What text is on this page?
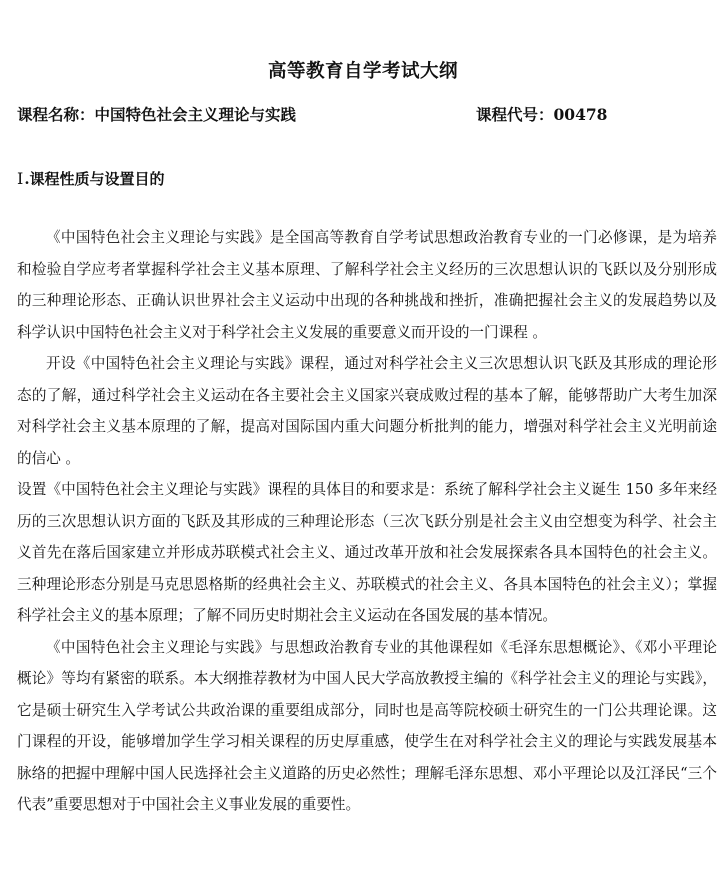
高等教育自学考试大纲
课程名称：中国特色社会主义理论与实践	课程代号：00478
Ⅰ.课程性质与设置目的

《中国特色社会主义理论与实践》是全国高等教育自学考试思想政治教育专业的一门必修课，是为培养和检验自学应考者掌握科学社会主义基本原理、了解科学社会主义经历的三次思想认识的飞跃以及分别形成的三种理论形态、正确认识世界社会主义运动中出现的各种挑战和挫折，准确把握社会主义的发展趋势以及科学认识中国特色社会主义对于科学社会主义发展的重要意义而开设的一门课程 。

开设《中国特色社会主义理论与实践》课程，通过对科学社会主义三次思想认识飞跃及其形成的理论形态的了解，通过科学社会主义运动在各主要社会主义国家兴衰成败过程的基本了解，能够帮助广大考生加深对科学社会主义基本原理的了解，提高对国际国内重大问题分析批判的能力，增强对科学社会主义光明前途的信心 。

设置《中国特色社会主义理论与实践》课程的具体目的和要求是：系统了解科学社会主义诞生 150 多年来经历的三次思想认识方面的飞跃及其形成的三种理论形态（三次飞跃分别是社会主义由空想变为科学、社会主义首先在落后国家建立并形成苏联模式社会主义、通过改革开放和社会发展探索各具本国特色的社会主义。三种理论形态分别是马克思恩格斯的经典社会主义、苏联模式的社会主义、各具本国特色的社会主义）；掌握科学社会主义的基本原理；了解不同历史时期社会主义运动在各国发展的基本情况。

《中国特色社会主义理论与实践》与思想政治教育专业的其他课程如《毛泽东思想概论》、《邓小平理论概论》等均有紧密的联系。本大纲推荐教材为中国人民大学高放教授主编的《科学社会主义的理论与实践》，它是硕士研究生入学考试公共政治课的重要组成部分，同时也是高等院校硕士研究生的一门公共理论课。这门课程的开设，能够增加学生学习相关课程的历史厚重感，使学生在对科学社会主义的理论与实践发展基本脉络的把握中理解中国人民选择社会主义道路的历史必然性；理解毛泽东思想、邓小平理论以及江泽民“三个代表”重要思想对于中国社会主义事业发展的重要性。
